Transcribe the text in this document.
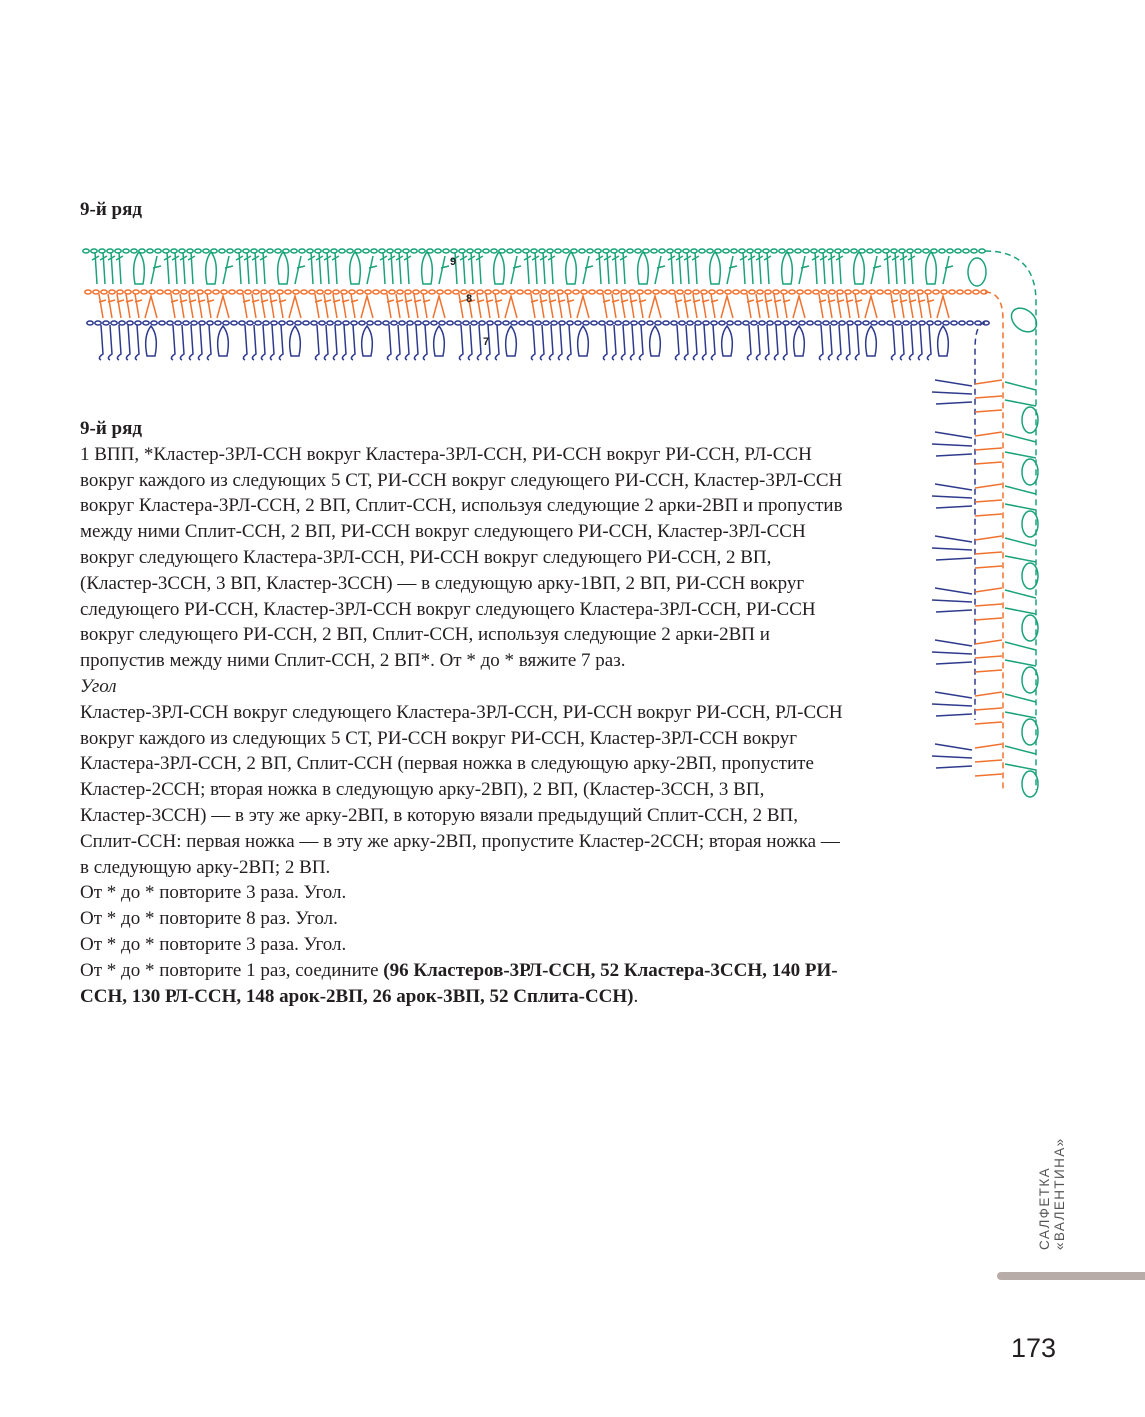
9-й ряд
9
8
7

9-й ряд

1 ВПП, *Кластер-3РЛ-ССН вокруг Кластера-3РЛ-ССН, РИ-ССН вокруг РИ-ССН, РЛ-ССН вокруг каждого из следующих 5 СТ, РИ-ССН вокруг следующего РИ-ССН, Кластер-3РЛ-ССН вокруг Кластера-3РЛ-ССН, 2 ВП, Сплит-ССН, используя следующие 2 арки-2ВП и пропустив между ними Сплит-ССН, 2 ВП, РИ-ССН вокруг следующего РИ-ССН, Кластер-3РЛ-ССН вокруг следующего Кластера-3РЛ-ССН, РИ-ССН вокруг следующего РИ-ССН, 2 ВП, (Кластер-3ССН, 3 ВП, Кластер-3ССН) — в следующую арку-1ВП, 2 ВП, РИ-ССН вокруг следующего РИ-ССН, Кластер-3РЛ-ССН вокруг следующего Кластера-3РЛ-ССН, РИ-ССН вокруг следующего РИ-ССН, 2 ВП, Сплит-ССН, используя следующие 2 арки-2ВП и пропустив между ними Сплит-ССН, 2 ВП*. От * до * вяжите 7 раз.

Угол

Кластер-3РЛ-ССН вокруг следующего Кластера-3РЛ-ССН, РИ-ССН вокруг РИ-ССН, РЛ-ССН вокруг каждого из следующих 5 СТ, РИ-ССН вокруг РИ-ССН, Кластер-3РЛ-ССН вокруг Кластера-3РЛ-ССН, 2 ВП, Сплит-ССН (первая ножка в следующую арку-2ВП, пропустите Кластер-2ССН; вторая ножка в следующую арку-2ВП), 2 ВП, (Кластер-3ССН, 3 ВП, Кластер-3ССН) — в эту же арку-2ВП, в которую вязали предыдущий Сплит-ССН, 2 ВП, Сплит-ССН: первая ножка — в эту же арку-2ВП, пропустите Кластер-2ССН; вторая ножка — в следующую арку-2ВП; 2 ВП.

От * до * повторите 3 раза. Угол.

От * до * повторите 8 раз. Угол.

От * до * повторите 3 раза. Угол.

От * до * повторите 1 раз, соедините (96 Кластеров-3РЛ-ССН, 52 Кластера-3ССН, 140 РИ-ССН, 130 РЛ-ССН, 148 арок-2ВП, 26 арок-3ВП, 52 Сплита-ССН).

САЛФЕТКА «ВАЛЕНТИНА»
173
